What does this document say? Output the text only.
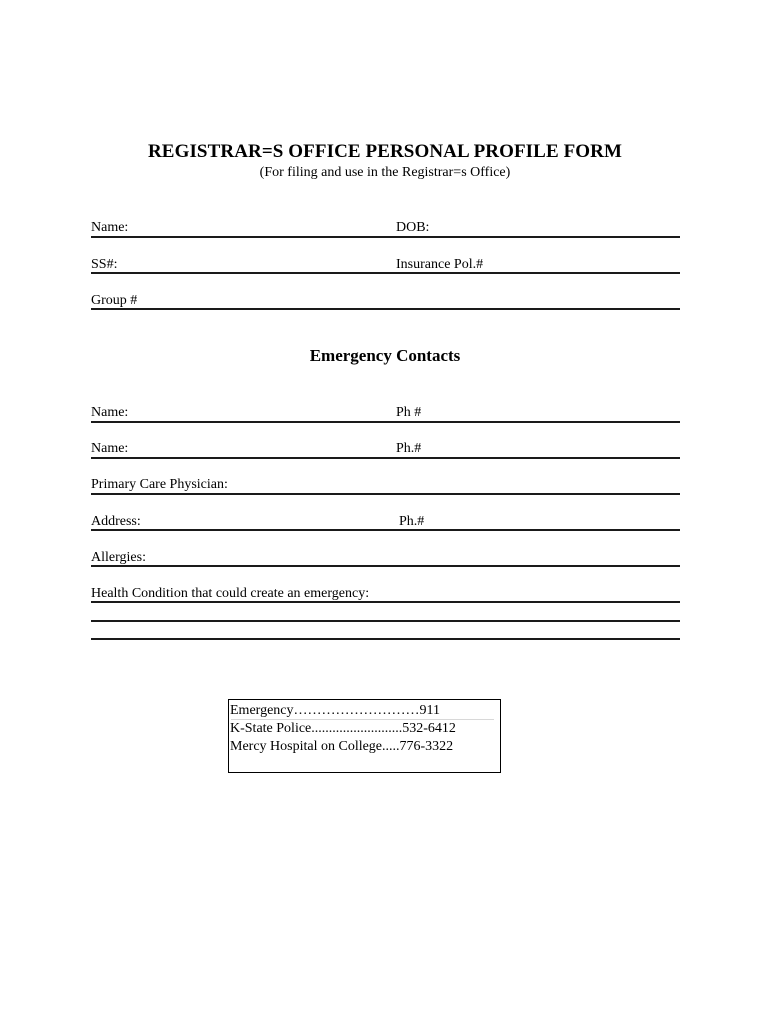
REGISTRAR=S OFFICE PERSONAL PROFILE FORM
(For filing and use in the Registrar=s Office)
Name:	DOB:
SS#:	Insurance Pol.#
Group #
Emergency Contacts
Name:	Ph #
Name:	Ph.#
Primary Care Physician:
Address:	Ph.#
Allergies:
Health Condition that could create an emergency:
Emergency………………………911
K-State Police..........................532-6412
Mercy Hospital on College.....776-3322
